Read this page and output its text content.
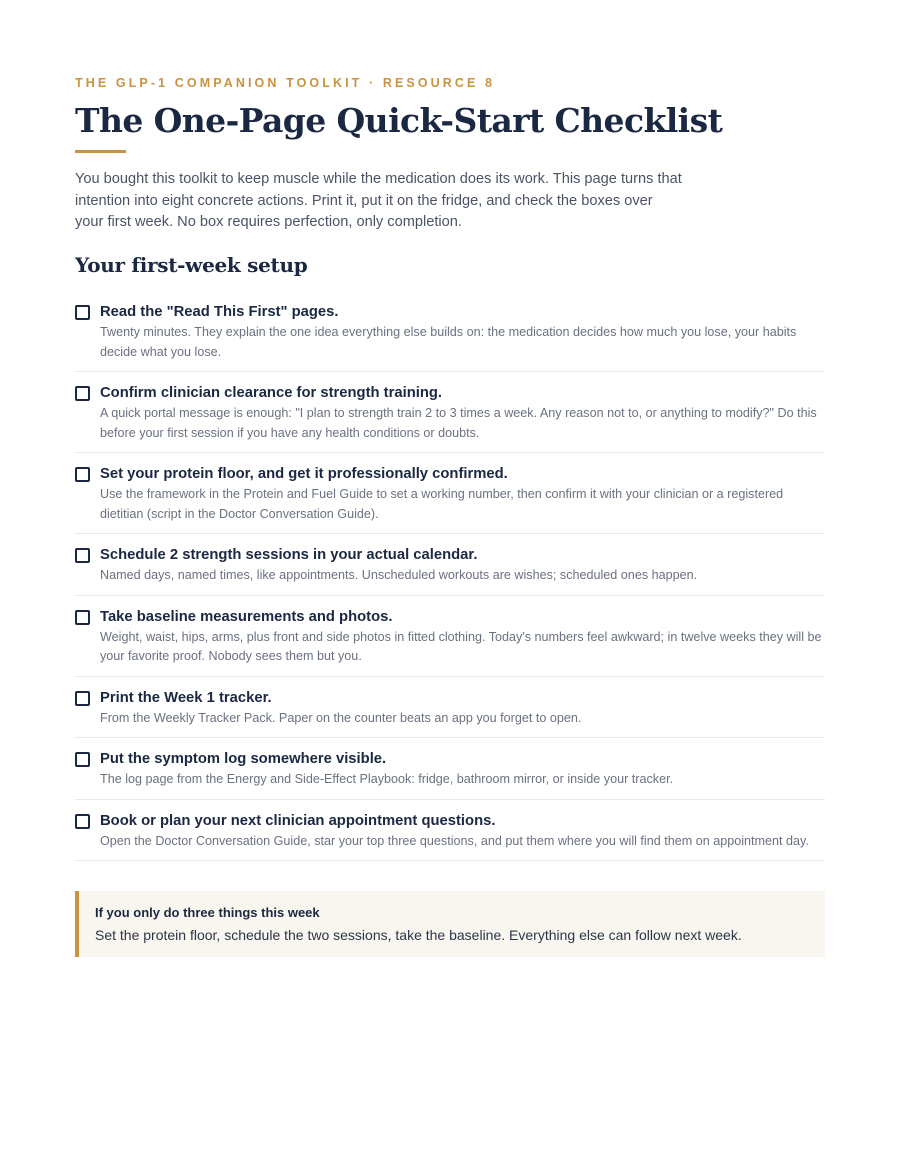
THE GLP-1 COMPANION TOOLKIT · RESOURCE 8
The One-Page Quick-Start Checklist

You bought this toolkit to keep muscle while the medication does its work. This page turns that intention into eight concrete actions. Print it, put it on the fridge, and check the boxes over your first week. No box requires perfection, only completion.

Your first-week setup
Read the "Read This First" pages.
Twenty minutes. They explain the one idea everything else builds on: the medication decides how much you lose, your habits decide what you lose.
Confirm clinician clearance for strength training.
A quick portal message is enough: "I plan to strength train 2 to 3 times a week. Any reason not to, or anything to modify?" Do this before your first session if you have any health conditions or doubts.
Set your protein floor, and get it professionally confirmed.
Use the framework in the Protein and Fuel Guide to set a working number, then confirm it with your clinician or a registered dietitian (script in the Doctor Conversation Guide).
Schedule 2 strength sessions in your actual calendar.
Named days, named times, like appointments. Unscheduled workouts are wishes; scheduled ones happen.
Take baseline measurements and photos.
Weight, waist, hips, arms, plus front and side photos in fitted clothing. Today's numbers feel awkward; in twelve weeks they will be your favorite proof. Nobody sees them but you.
Print the Week 1 tracker.
From the Weekly Tracker Pack. Paper on the counter beats an app you forget to open.
Put the symptom log somewhere visible.
The log page from the Energy and Side-Effect Playbook: fridge, bathroom mirror, or inside your tracker.
Book or plan your next clinician appointment questions.
Open the Doctor Conversation Guide, star your top three questions, and put them where you will find them on appointment day.
If you only do three things this week
Set the protein floor, schedule the two sessions, take the baseline. Everything else can follow next week.
